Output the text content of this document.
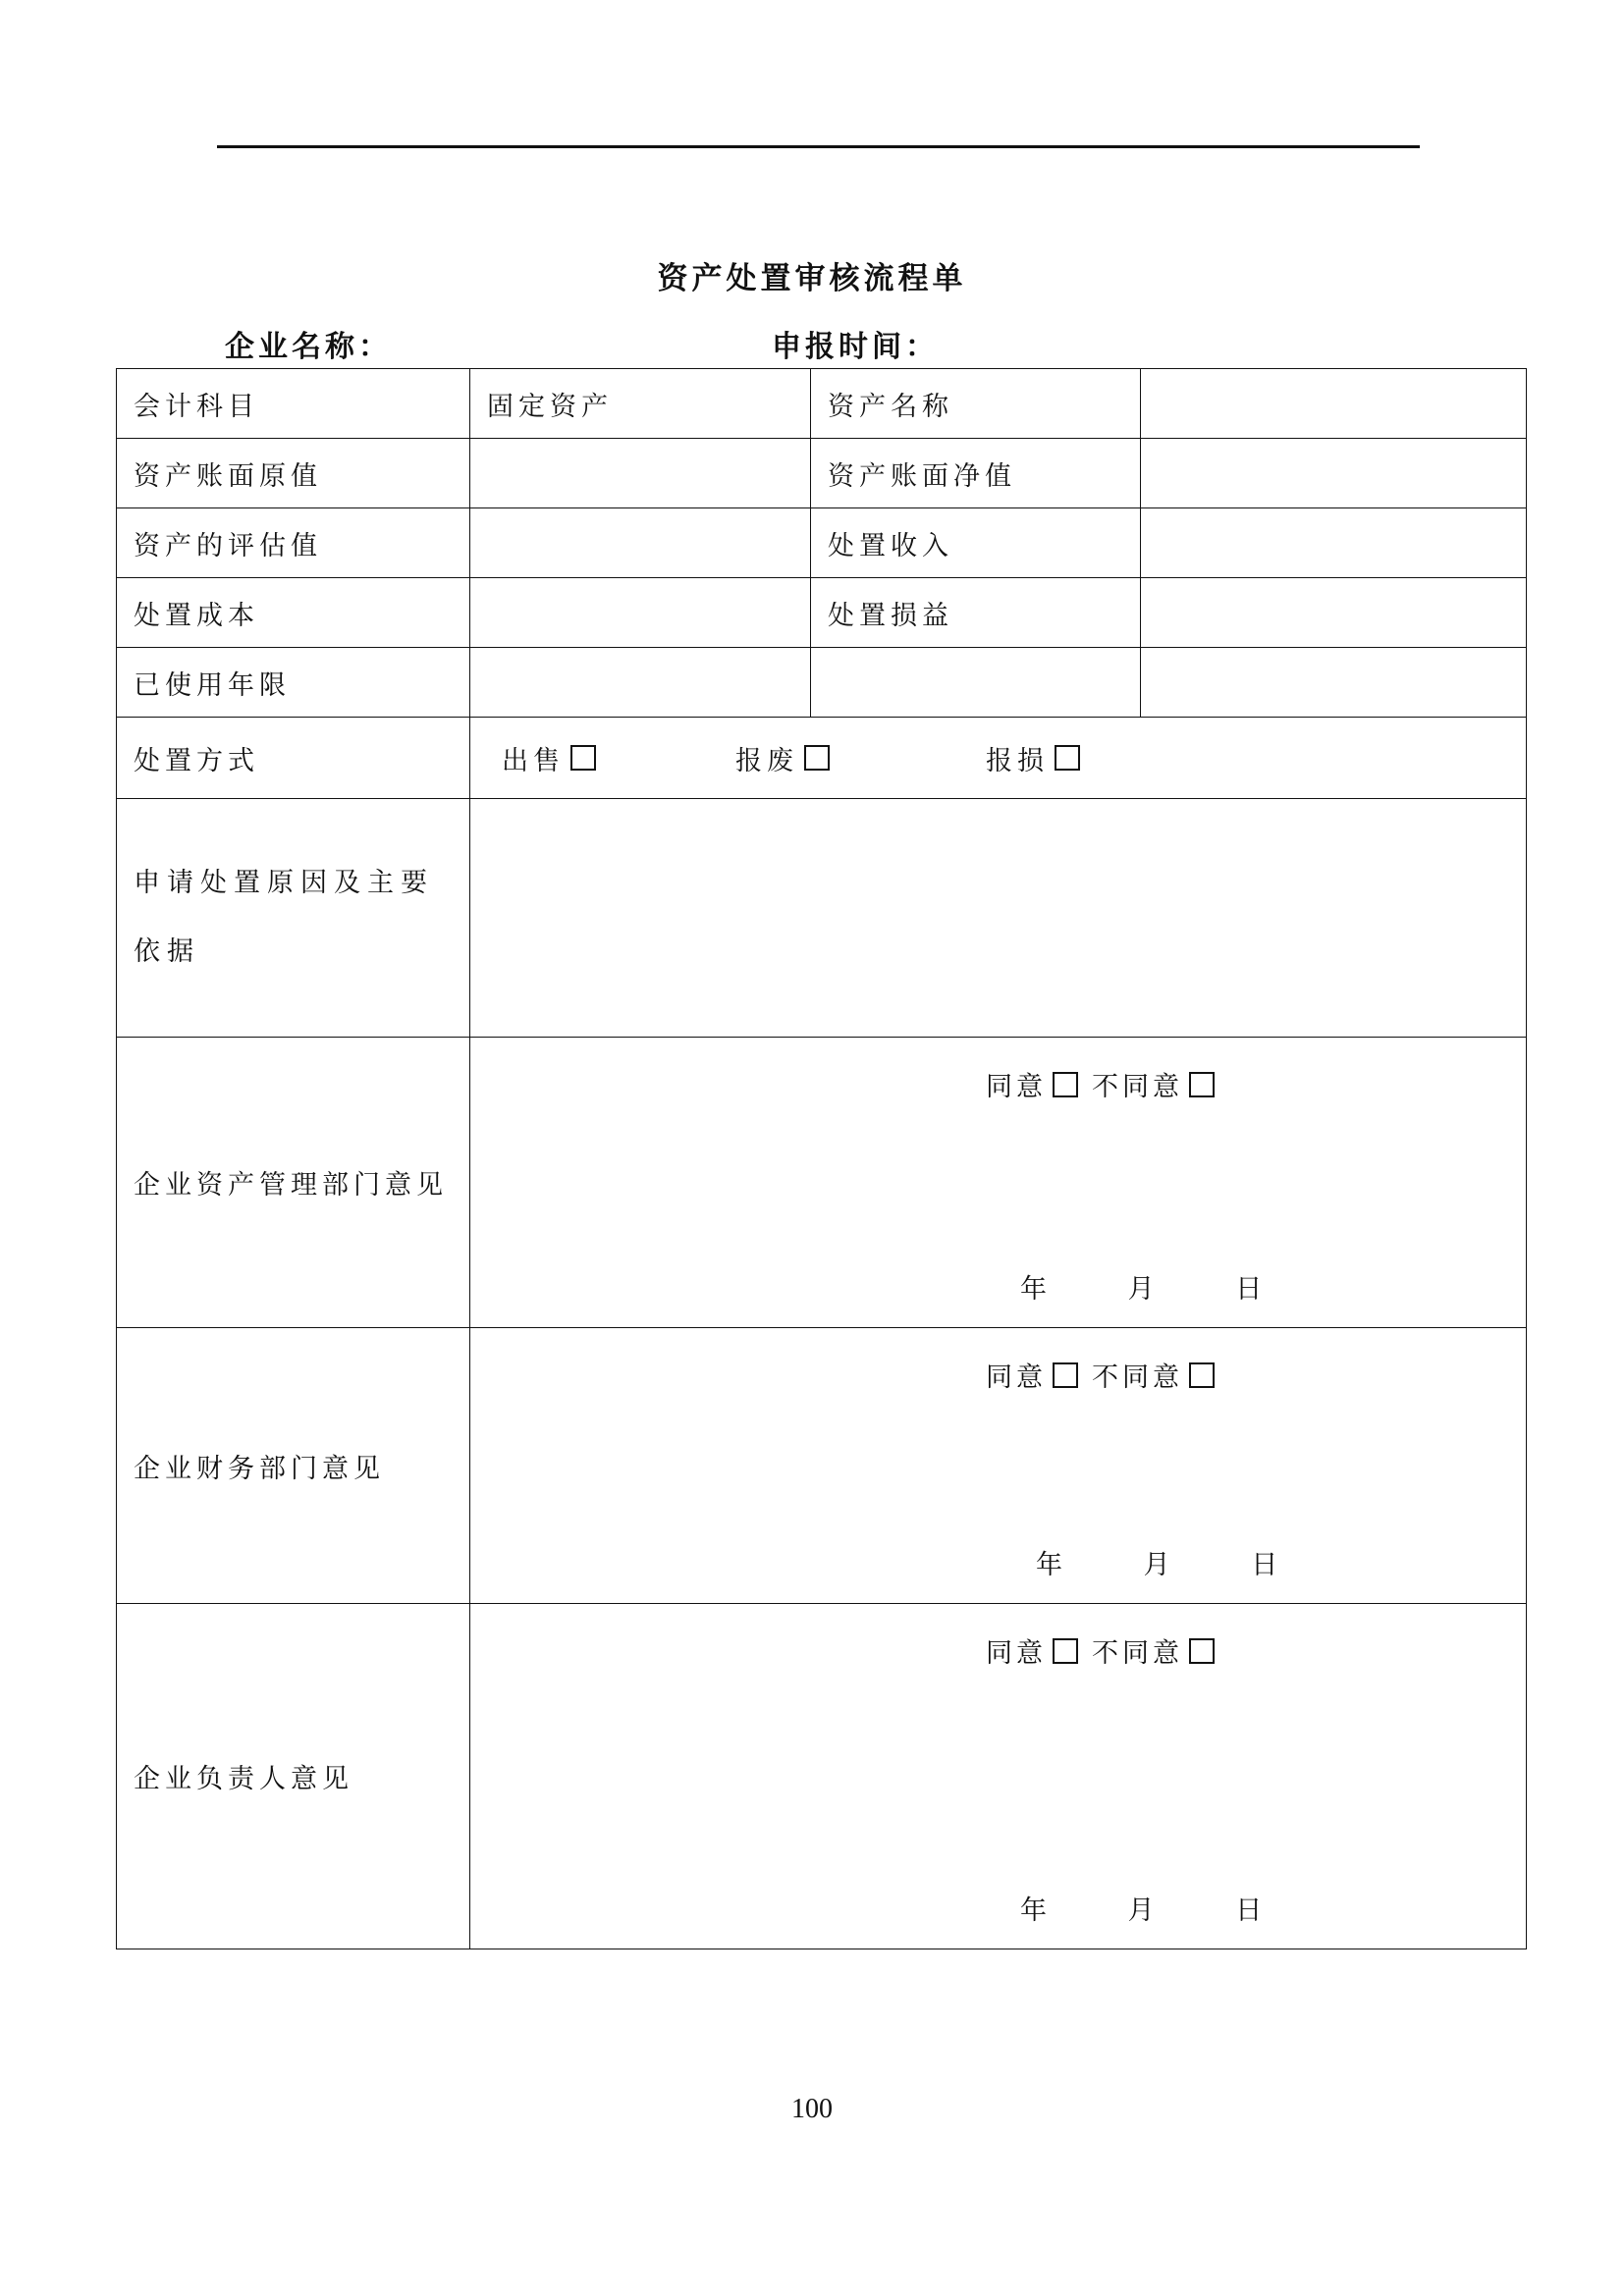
资产处置审核流程单
企业名称：	申报时间：
会计科目	固定资产	资产名称	
资产账面原值		资产账面净值	
资产的评估值		处置收入	
处置成本		处置损益	
已使用年限			
处置方式	出售 报废 报损		

申请处置原因及主要依据			
企业资产管理部门意见	同意 不同意
年 月 日		

企业财务部门意见	同意 不同意
年 月 日		

企业负责人意见	同意 不同意
年 月 日		
100
